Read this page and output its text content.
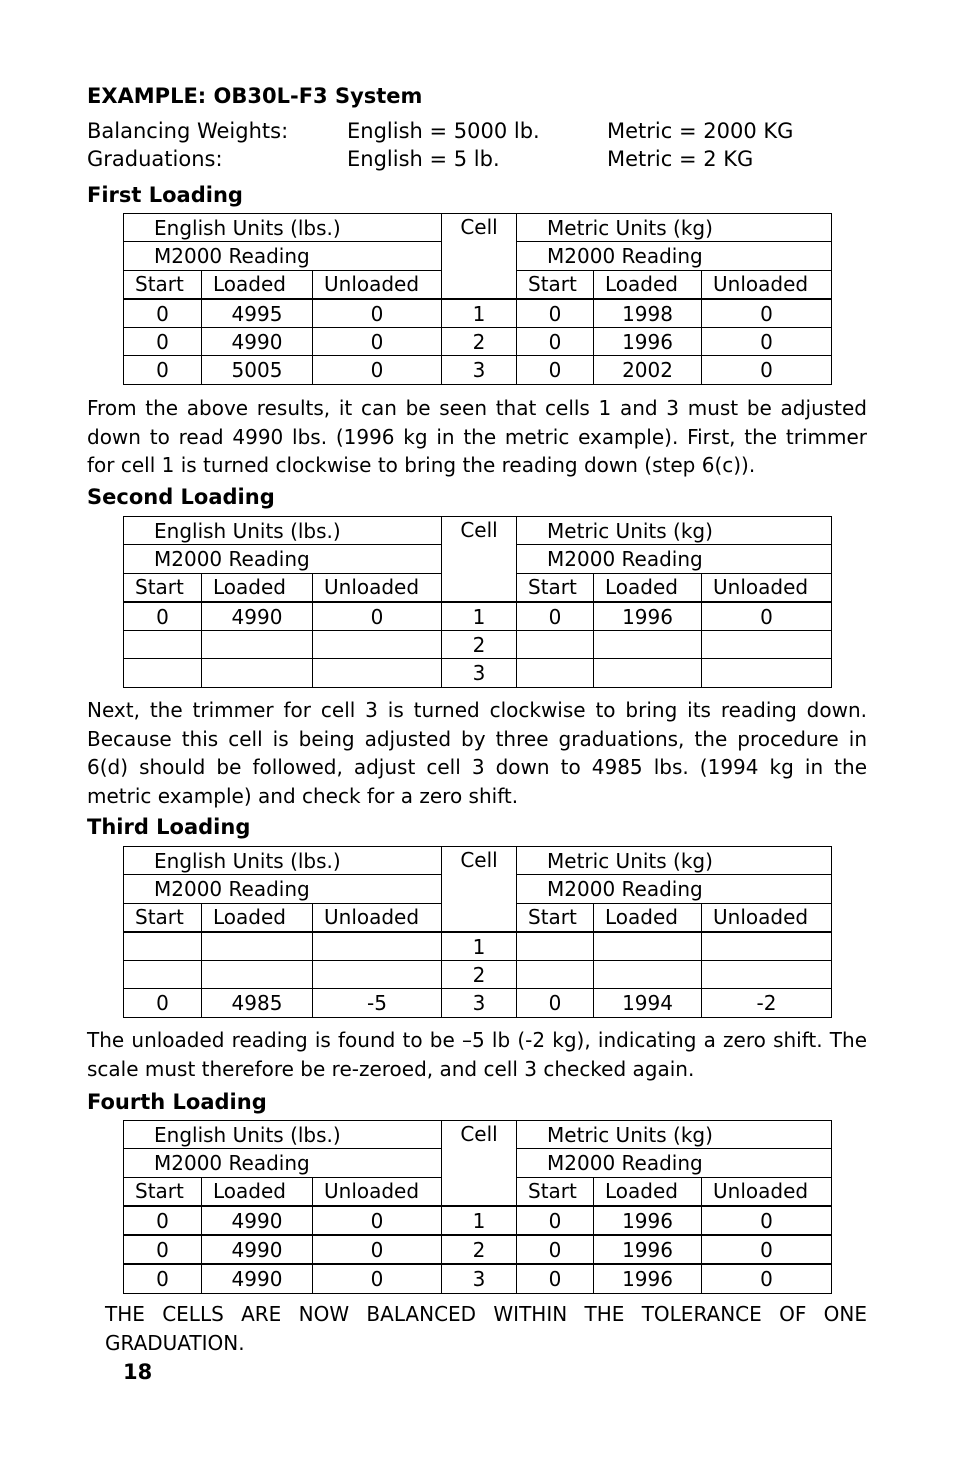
EXAMPLE: OB30L-F3 System
Balancing Weights:	English = 5000 lb.	Metric = 2000 KG
Graduations:	English = 5 lb.	Metric = 2 KG
First Loading
Second Loading
Third Loading
Fourth Loading
English Units (lbs.)			Cell	Metric Units (kg)		
M2000 Reading				M2000 Reading		
Start	Loaded	Unloaded		Start	Loaded	Unloaded
0	4995	0	1	0	1998	0
0	4990	0	2	0	1996	0
0	5005	0	3	0	2002	0
English Units (lbs.)			Cell	Metric Units (kg)		
M2000 Reading				M2000 Reading		
Start	Loaded	Unloaded		Start	Loaded	Unloaded
0	4990	0	1	0	1996	0
			2			
			3			
English Units (lbs.)			Cell	Metric Units (kg)		
M2000 Reading				M2000 Reading		
Start	Loaded	Unloaded		Start	Loaded	Unloaded
			1			
			2			
0	4985	-5	3	0	1994	-2
English Units (lbs.)			Cell	Metric Units (kg)		
M2000 Reading				M2000 Reading		
Start	Loaded	Unloaded		Start	Loaded	Unloaded
0	4990	0	1	0	1996	0
0	4990	0	2	0	1996	0
0	4990	0	3	0	1996	0
From the above results, it can be seen that cells 1 and 3 must be adjusted down to read 4990 lbs. (1996 kg in the metric example). First, the trimmer for cell 1 is turned clockwise to bring the reading down (step 6(c)).
Next, the trimmer for cell 3 is turned clockwise to bring its reading down. Because this cell is being adjusted by three graduations, the procedure in 6(d) should be followed, adjust cell 3 down to 4985 lbs. (1994 kg in the metric example) and check for a zero shift.
The unloaded reading is found to be –5 lb (-2 kg), indicating a zero shift. The scale must therefore be re-zeroed, and cell 3 checked again.
THE CELLS ARE NOW BALANCED WITHIN THE TOLERANCE OF ONE GRADUATION.
18
